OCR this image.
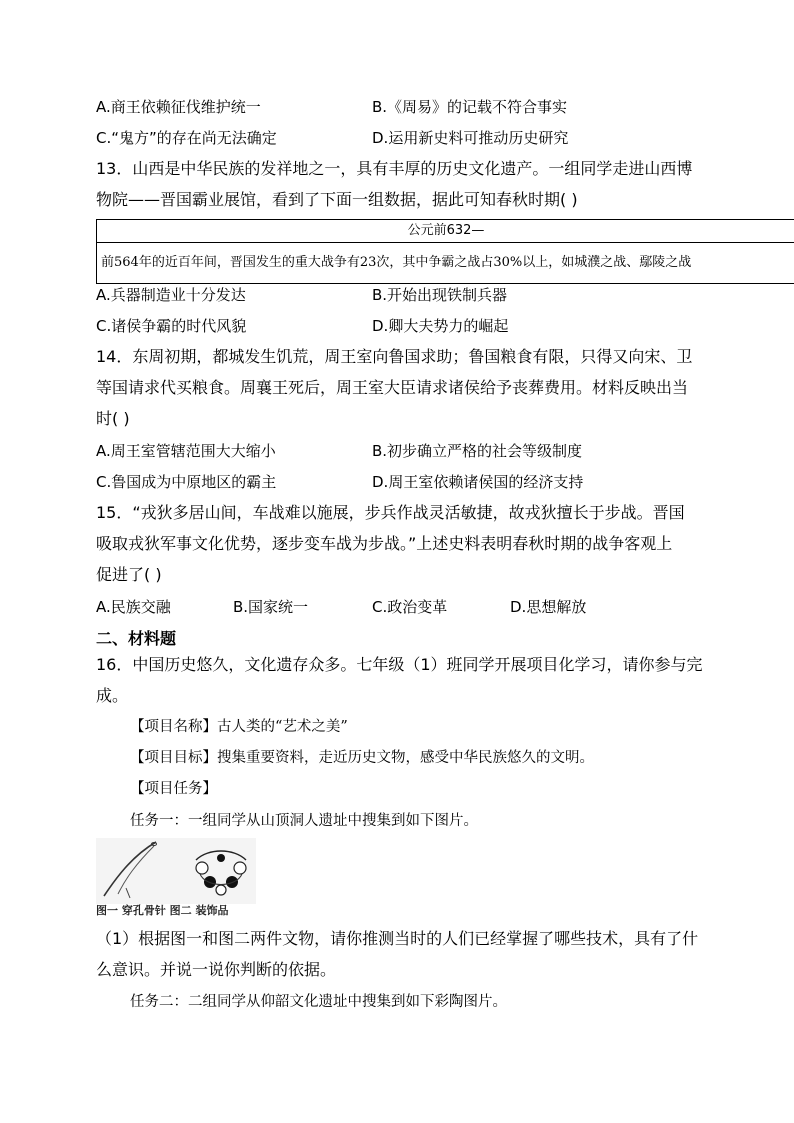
A.商王依赖征伐维护统一	B.《周易》的记载不符合事实
C.“鬼方”的存在尚无法确定	D.运用新史料可推动历史研究
13．山西是中华民族的发祥地之一，具有丰厚的历史文化遗产。一组同学走进山西博
物院——晋国霸业展馆，看到了下面一组数据，据此可知春秋时期( )
公元前632—
前564年的近百年间，晋国发生的重大战争有23次，其中争霸之战占30%以上，如城濮之战、鄢陵之战
A.兵器制造业十分发达	B.开始出现铁制兵器
C.诸侯争霸的时代风貌	D.卿大夫势力的崛起
14．东周初期，都城发生饥荒，周王室向鲁国求助；鲁国粮食有限，只得又向宋、卫
等国请求代买粮食。周襄王死后，周王室大臣请求诸侯给予丧葬费用。材料反映出当
时( )
A.周王室管辖范围大大缩小	B.初步确立严格的社会等级制度
C.鲁国成为中原地区的霸主	D.周王室依赖诸侯国的经济支持
15．“戎狄多居山间，车战难以施展，步兵作战灵活敏捷，故戎狄擅长于步战。晋国
吸取戎狄军事文化优势，逐步变车战为步战。”上述史料表明春秋时期的战争客观上
促进了( )
A.民族交融	B.国家统一	C.政治变革	D.思想解放
二、材料题
16．中国历史悠久，文化遗存众多。七年级（1）班同学开展项目化学习，请你参与完
成。
【项目名称】古人类的“艺术之美”
【项目目标】搜集重要资料，走近历史文物，感受中华民族悠久的文明。
【项目任务】
任务一：一组同学从山顶洞人遗址中搜集到如下图片。
图一 穿孔骨针 图二 装饰品
（1）根据图一和图二两件文物，请你推测当时的人们已经掌握了哪些技术，具有了什
么意识。并说一说你判断的依据。
任务二：二组同学从仰韶文化遗址中搜集到如下彩陶图片。
